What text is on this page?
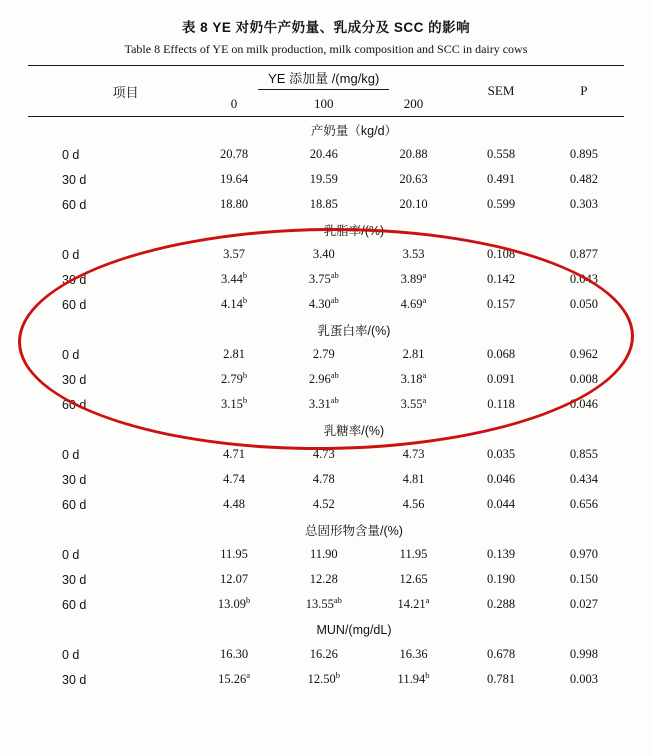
表 8 YE 对奶牛产奶量、乳成分及 SCC 的影响
Table 8 Effects of YE on milk production, milk composition and SCC in dairy cows
项目	YE 添加量 /(mg/kg)			SEM	P
	0	100	200		
产奶量（kg/d）					
0 d	20.78	20.46	20.88	0.558	0.895
30 d	19.64	19.59	20.63	0.491	0.482
60 d	18.80	18.85	20.10	0.599	0.303
乳脂率/(%)					
0 d	3.57	3.40	3.53	0.108	0.877
30 d	3.44$^b$	3.75$^{ab}$	3.89$^a$	0.142	0.043
60 d	4.14$^b$	4.30$^{ab}$	4.69$^a$	0.157	0.050
乳蛋白率/(%)					
0 d	2.81	2.79	2.81	0.068	0.962
30 d	2.79$^b$	2.96$^{ab}$	3.18$^a$	0.091	0.008
60 d	3.15$^b$	3.31$^{ab}$	3.55$^a$	0.118	0.046
乳糖率/(%)					
0 d	4.71	4.73	4.73	0.035	0.855
30 d	4.74	4.78	4.81	0.046	0.434
60 d	4.48	4.52	4.56	0.044	0.656
总固形物含量/(%)					
0 d	11.95	11.90	11.95	0.139	0.970
30 d	12.07	12.28	12.65	0.190	0.150
60 d	13.09$^b$	13.55$^{ab}$	14.21$^a$	0.288	0.027
MUN/(mg/dL)					
0 d	16.30	16.26	16.36	0.678	0.998
30 d	15.26$^a$	12.50$^b$	11.94$^b$	0.781	0.003
